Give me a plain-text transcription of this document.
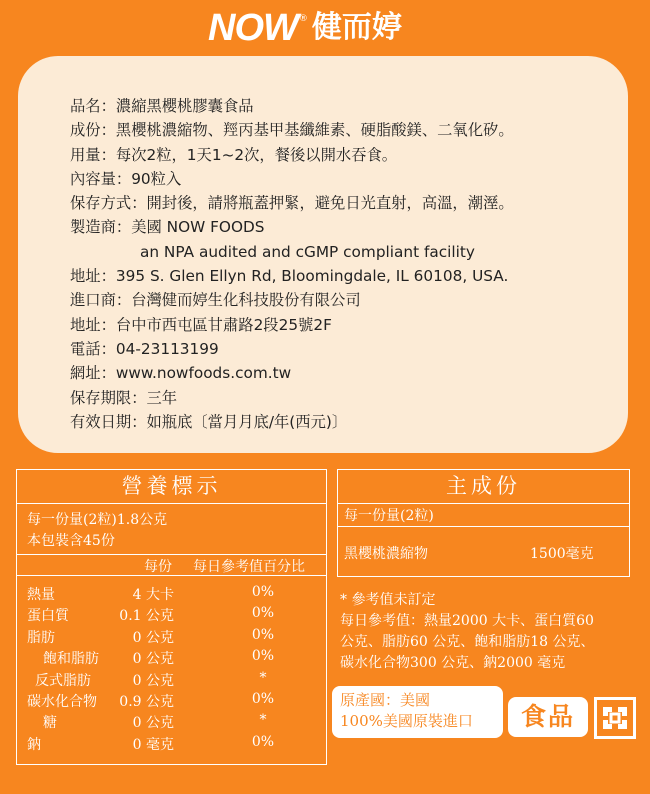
NOW ® 健而婷
品名：濃縮黑櫻桃膠囊食品
成份：黑櫻桃濃縮物、羥丙基甲基纖維素、硬脂酸鎂、二氧化矽。
用量：每次2粒，1天1~2次，餐後以開水吞食。
內容量：90粒入
保存方式：開封後，請將瓶蓋押緊，避免日光直射，高溫，潮溼。
製造商：美國 NOW FOODS
an NPA audited and cGMP compliant facility
地址：395 S. Glen Ellyn Rd, Bloomingdale, IL 60108, USA.
進口商：台灣健而婷生化科技股份有限公司
地址：台中市西屯區甘肅路2段25號2F
電話：04-23113199
網址：www.nowfoods.com.tw
保存期限：三年
有效日期：如瓶底〔當月月底/年(西元)〕
營養標示
每一份量(2粒)1.8公克
本包裝含45份
每份 每日參考值百分比
熱量	4 大卡	0%
蛋白質	0.1 公克	0%
脂肪	0 公克	0%
飽和脂肪 0 公克	0%
反式脂肪	0 公克	*
碳水化合物 0.9 公克	0%
糖	0 公克	*
鈉	0 毫克	0%
主成份
每一份量(2粒)
黑櫻桃濃縮物	1500毫克
* 參考值未訂定
每日參考值：熱量2000 大卡、蛋白質60
公克、脂肪60 公克、飽和脂肪18 公克、
碳水化合物300 公克、鈉2000 毫克
原產國：美國
100%美國原裝進口	食品
